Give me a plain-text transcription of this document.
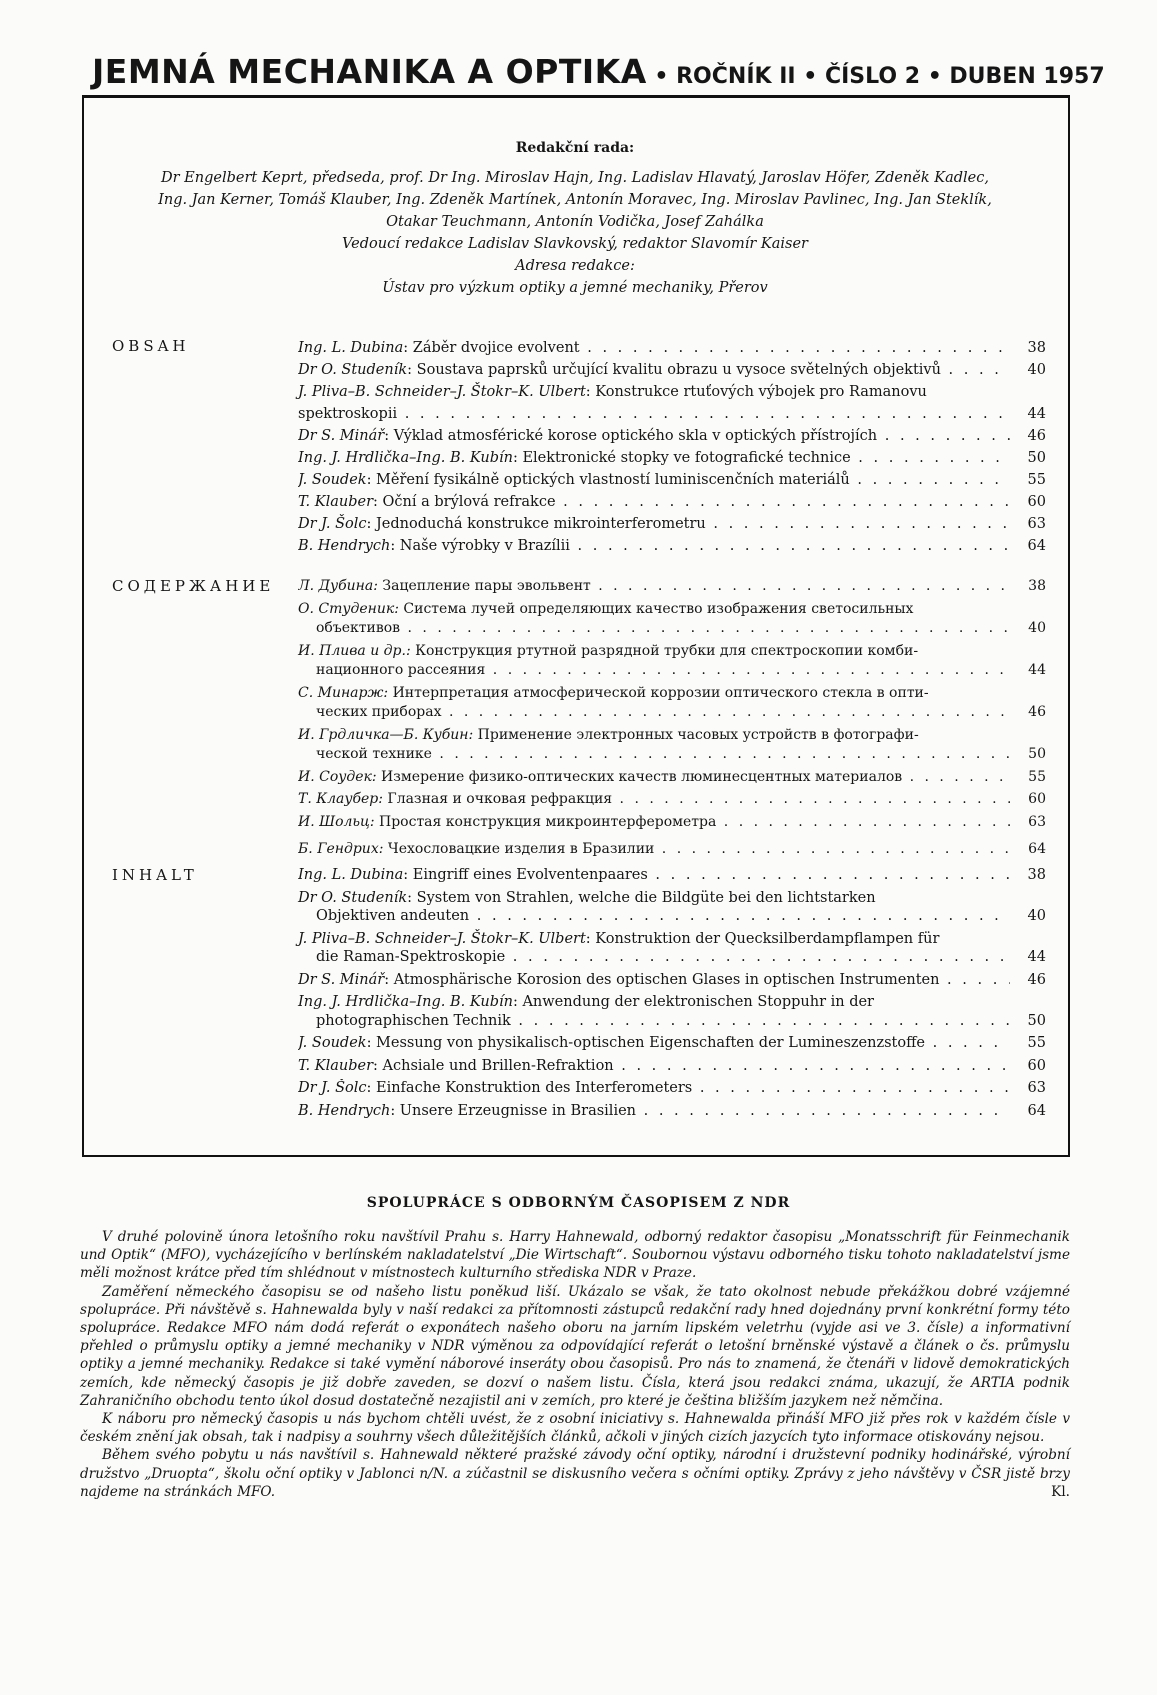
JEMNÁ MECHANIKA A OPTIKA • ROČNÍK II • ČÍSLO 2 • DUBEN 1957
Redakční rada:
Dr Engelbert Keprt, předseda, prof. Dr Ing. Miroslav Hajn, Ing. Ladislav Hlavatý, Jaroslav Höfer, Zdeněk Kadlec,
Ing. Jan Kerner, Tomáš Klauber, Ing. Zdeněk Martínek, Antonín Moravec, Ing. Miroslav Pavlinec, Ing. Jan Steklík,
Otakar Teuchmann, Antonín Vodička, Josef Zahálka
Vedoucí redakce Ladislav Slavkovský, redaktor Slavomír Kaiser
Adresa redakce:
Ústav pro výzkum optiky a jemné mechaniky, Přerov
OBSAH	Ing. L. Dubina: Záběr dvojice evolvent . . .	38
Dr O. Studeník: Soustava paprsků určující kvalitu obrazu u vysoce světelných objektivů . . .	40
J. Pliva–B. Schneider–J. Štokr–K. Ulbert: Konstrukce rtuťových výbojek pro Ramanovu
spektroskopii . . .	44
Dr S. Minář: Výklad atmosférické korose optického skla v optických přístrojích . . .	46
Ing. J. Hrdlička–Ing. B. Kubín: Elektronické stopky ve fotografické technice . . .	50
J. Soudek: Měření fysikálně optických vlastností luminiscenčních materiálů . . .	55
T. Klauber: Oční a brýlová refrakce . . .	60
Dr J. Šolc: Jednoduchá konstrukce mikrointerferometru . . .	63
B. Hendrych: Naše výrobky v Brazílii . . .	64
СОДЕРЖАНИЕ Л. Дубина: Зацепление пары эвольвент . . .	38
О. Студеник: Система лучей определяющих качество изображения светосильных
объективов . . .	40
И. Плива и др.: Конструкция ртутной разрядной трубки для спектроскопии комби-
национного рассеяния . . .	44
С. Минарж: Интерпретация атмосферической коррозии оптического стекла в опти-
ческих приборах . . .	46
И. Грдличка—Б. Кубин: Применение электронных часовых устройств в фотографи-
ческой технике . . .	50
И. Соудек: Измерение физико-оптических качеств люминесцентных материалов . . .	55
Т. Клаубер: Глазная и очковая рефракция . . .	60
И. Шольц: Простая конструкция микроинтерферометра . . .	63
Б. Гендрих: Чехословацкие изделия в Бразилии . . .	64
INHALT	Ing. L. Dubina: Eingriff eines Evolventenpaares . . .	38
Dr O. Studeník: System von Strahlen, welche die Bildgüte bei den lichtstarken
Objektiven andeuten . . .	40
J. Pliva–B. Schneider–J. Štokr–K. Ulbert: Konstruktion der Quecksilberdampflampen für
die Raman-Spektroskopie . . .	44
Dr S. Minář: Atmosphärische Korosion des optischen Glases in optischen Instrumenten . . .	46
Ing. J. Hrdlička–Ing. B. Kubín: Anwendung der elektronischen Stoppuhr in der
photographischen Technik . . .	50
J. Soudek: Messung von physikalisch-optischen Eigenschaften der Lumineszenzstoffe . . .	55
T. Klauber: Achsiale und Brillen-Refraktion . . .	60
Dr J. Šolc: Einfache Konstruktion des Interferometers . . .	63
B. Hendrych: Unsere Erzeugnisse in Brasilien . . .	64
SPOLUPRÁCE S ODBORNÝM ČASOPISEM Z NDR

V druhé polovině února letošního roku navštívil Prahu s. Harry Hahnewald, odborný redaktor časopisu „Monatsschrift für Feinmechanik und Optik“ (MFO), vycházejícího v berlínském nakladatelství „Die Wirtschaft“. Soubornou výstavu odborného tisku tohoto nakladatelství jsme měli možnost krátce před tím shlédnout v místnostech kulturního střediska NDR v Praze.

Zaměření německého časopisu se od našeho listu poněkud liší. Ukázalo se však, že tato okolnost nebude překážkou dobré vzájemné spolupráce. Při návštěvě s. Hahnewalda byly v naší redakci za přítomnosti zástupců redakční rady hned dojednány první konkrétní formy této spolupráce. Redakce MFO nám dodá referát o exponátech našeho oboru na jarním lipském veletrhu (vyjde asi ve 3. čísle) a informativní přehled o průmyslu optiky a jemné mechaniky v NDR výměnou za odpovídající referát o letošní brněnské výstavě a článek o čs. průmyslu optiky a jemné mechaniky. Redakce si také vymění náborové inseráty obou časopisů. Pro nás to znamená, že čtenáři v lidově demokratických zemích, kde německý časopis je již dobře zaveden, se dozví o našem listu. Čísla, která jsou redakci známa, ukazují, že ARTIA podnik Zahraničního obchodu tento úkol dosud dostatečně nezajistil ani v zemích, pro které je čeština bližším jazykem než němčina.

K náboru pro německý časopis u nás bychom chtěli uvést, že z osobní iniciativy s. Hahnewalda přináší MFO již přes rok v každém čísle v českém znění jak obsah, tak i nadpisy a souhrny všech důležitějších článků, ačkoli v jiných cizích jazycích tyto informace otiskovány nejsou.

Během svého pobytu u nás navštívil s. Hahnewald některé pražské závody oční optiky, národní i družstevní podniky hodinářské, výrobní družstvo „Druopta“, školu oční optiky v Jablonci n/N. a zúčastnil se diskusního večera s očními optiky. Zprávy z jeho návštěvy v ČSR jistě brzy najdeme na stránkách MFO.	Kl.
